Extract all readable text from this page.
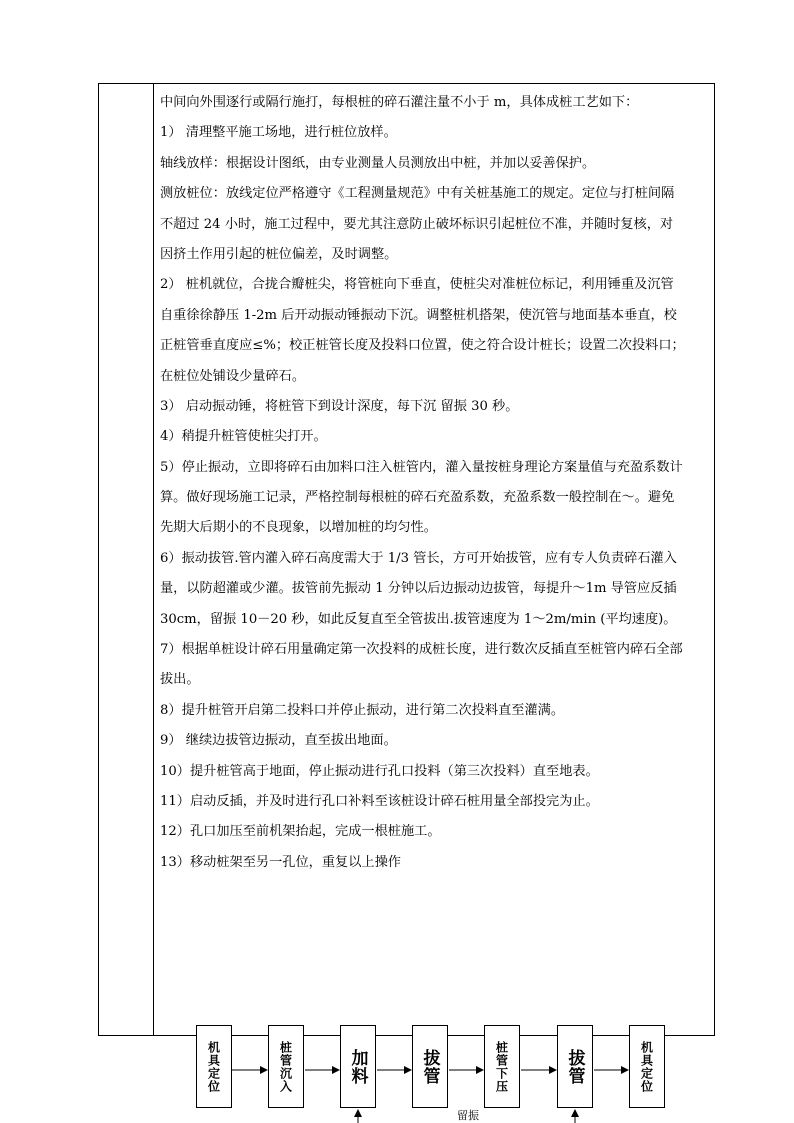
中间向外围逐行或隔行施打，每根桩的碎石灌注量不小于 m，具体成桩工艺如下：
1） 清理整平施工场地，进行桩位放样。
轴线放样：根据设计图纸，由专业测量人员测放出中桩，并加以妥善保护。
测放桩位：放线定位严格遵守《工程测量规范》中有关桩基施工的规定。定位与打桩间隔
不超过 24 小时，施工过程中，要尤其注意防止破坏标识引起桩位不准，并随时复核，对
因挤土作用引起的桩位偏差，及时调整。
2） 桩机就位，合拢合瓣桩尖，将管桩向下垂直，使桩尖对准桩位标记，利用锤重及沉管
自重徐徐静压 1-2m 后开动振动锤振动下沉。调整桩机搭架，使沉管与地面基本垂直，校
正桩管垂直度应≤%；校正桩管长度及投料口位置，使之符合设计桩长；设置二次投料口；
在桩位处铺设少量碎石。
3） 启动振动锤，将桩管下到设计深度，每下沉 留振 30 秒。
4）稍提升桩管使桩尖打开。
5）停止振动，立即将碎石由加料口注入桩管内，灌入量按桩身理论方案量值与充盈系数计
算。做好现场施工记录，严格控制每根桩的碎石充盈系数，充盈系数一般控制在～。避免
先期大后期小的不良现象，以增加桩的均匀性。
6）振动拔管.管内灌入碎石高度需大于 1/3 管长，方可开始拔管，应有专人负责碎石灌入
量，以防超灌或少灌。拔管前先振动 1 分钟以后边振动边拔管，每提升～1m 导管应反插
30cm，留振 10－20 秒，如此反复直至全管拔出.拔管速度为 1～2m/min (平均速度)。
7）根据单桩设计碎石用量确定第一次投料的成桩长度，进行数次反插直至桩管内碎石全部
拔出。
8）提升桩管开启第二投料口并停止振动，进行第二次投料直至灌满。
9） 继续边拔管边振动，直至拔出地面。
10）提升桩管高于地面，停止振动进行孔口投料（第三次投料）直至地表。
11）启动反插，并及时进行孔口补料至该桩设计碎石桩用量全部投完为止。
12）孔口加压至前机架抬起，完成一根桩施工。
13）移动桩架至另一孔位，重复以上操作
机具定位	桩管沉入	加料	拔管	桩管下压	拔管	机具定位
留振
